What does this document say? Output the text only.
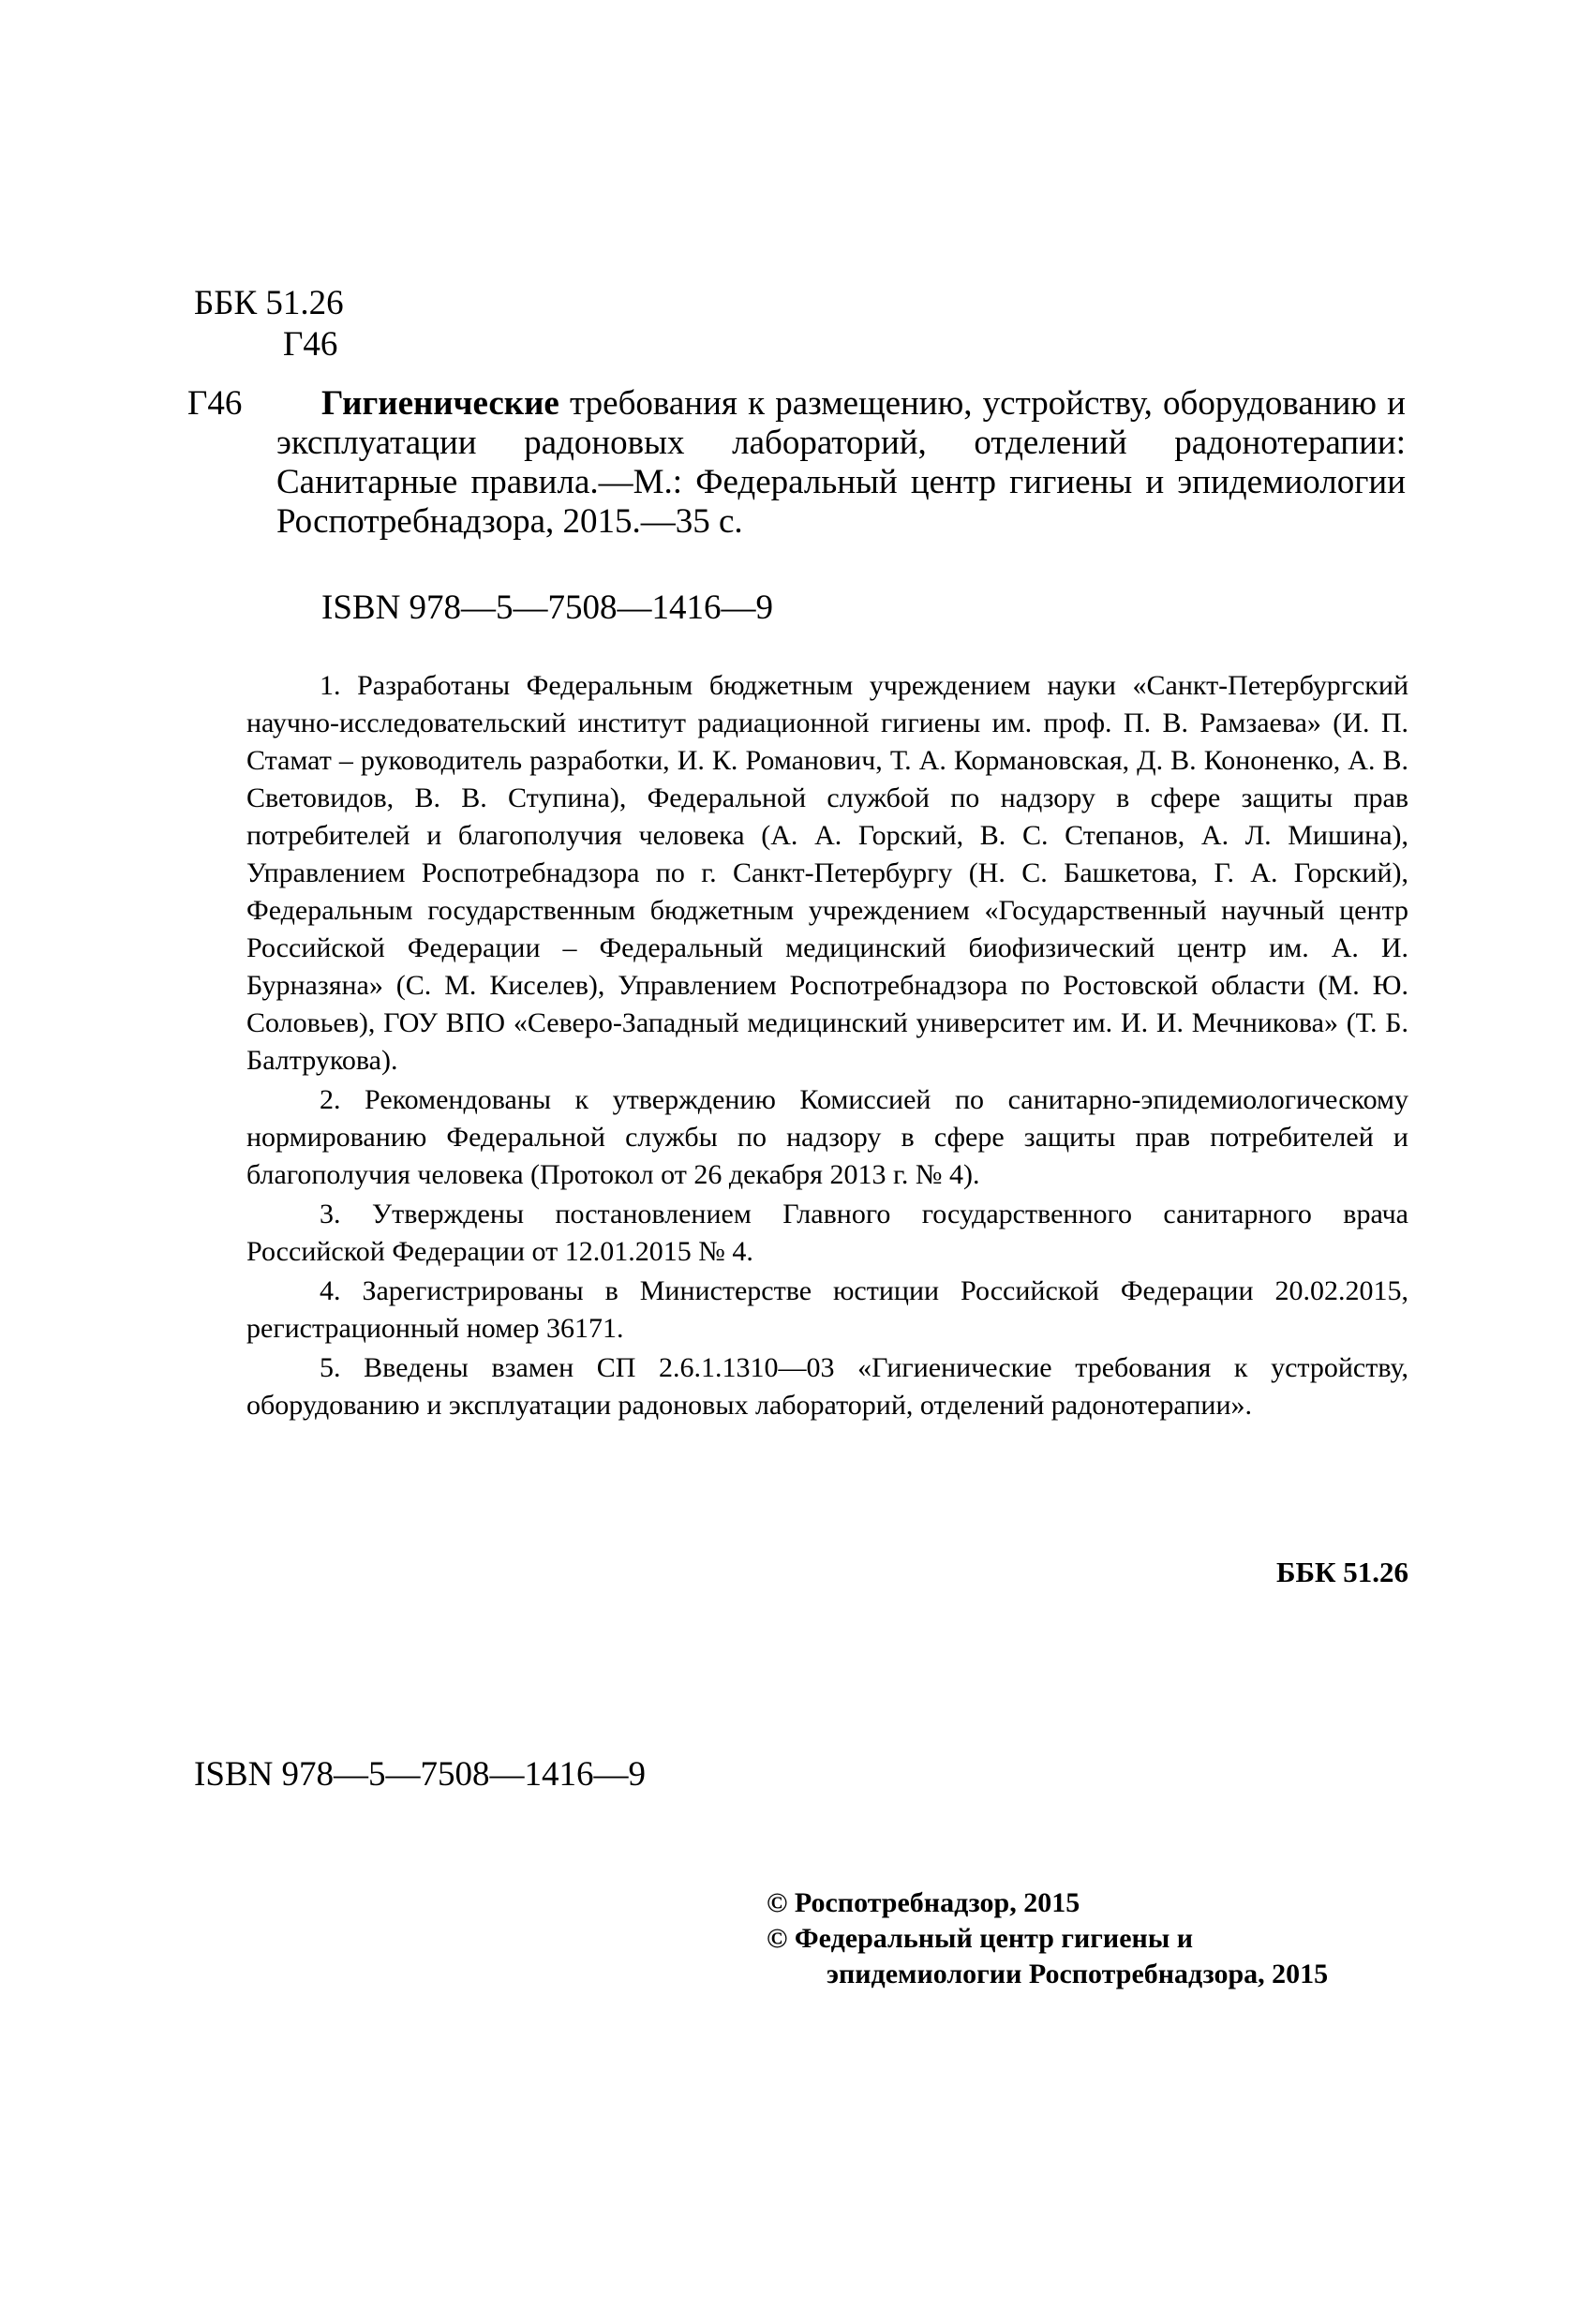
ББК 51.26
Г46
Г46	Гигиенические требования к размещению, устройству, оборудованию и эксплуатации радоновых лабораторий, отделений радонотерапии: Санитарные правила.—М.: Федеральный центр гигиены и эпидемиологии Роспотребнадзора, 2015.—35 с.
ISBN 978—5—7508—1416—9

1. Разработаны Федеральным бюджетным учреждением науки «Санкт-Петербургский научно-исследовательский институт радиационной гигиены им. проф. П. В. Рамзаева» (И. П. Стамат – руководитель разработки, И. К. Романович, Т. А. Кормановская, Д. В. Кононенко, А. В. Световидов, В. В. Ступина), Федеральной службой по надзору в сфере защиты прав потребителей и благополучия человека (А. А. Горский, В. С. Степанов, А. Л. Мишина), Управлением Роспотребнадзора по г. Санкт-Петербургу (Н. С. Башкетова, Г. А. Горский), Федеральным государственным бюджетным учреждением «Государственный научный центр Российской Федерации – Федеральный медицинский биофизический центр им. А. И. Бурназяна» (С. М. Киселев), Управлением Роспотребнадзора по Ростовской области (М. Ю. Соловьев), ГОУ ВПО «Северо-Западный медицинский университет им. И. И. Мечникова» (Т. Б. Балтрукова).

2. Рекомендованы к утверждению Комиссией по санитарно-эпидемиологическому нормированию Федеральной службы по надзору в сфере защиты прав потребителей и благополучия человека (Протокол от 26 декабря 2013 г. № 4).

3. Утверждены постановлением Главного государственного санитарного врача Российской Федерации от 12.01.2015 № 4.

4. Зарегистрированы в Министерстве юстиции Российской Федерации 20.02.2015, регистрационный номер 36171.

5. Введены взамен СП 2.6.1.1310—03 «Гигиенические требования к устройству, оборудованию и эксплуатации радоновых лабораторий, отделений радонотерапии».

ББК 51.26
ISBN 978—5—7508—1416—9
© Роспотребнадзор, 2015
© Федеральный центр гигиены и
эпидемиологии Роспотребнадзора, 2015
